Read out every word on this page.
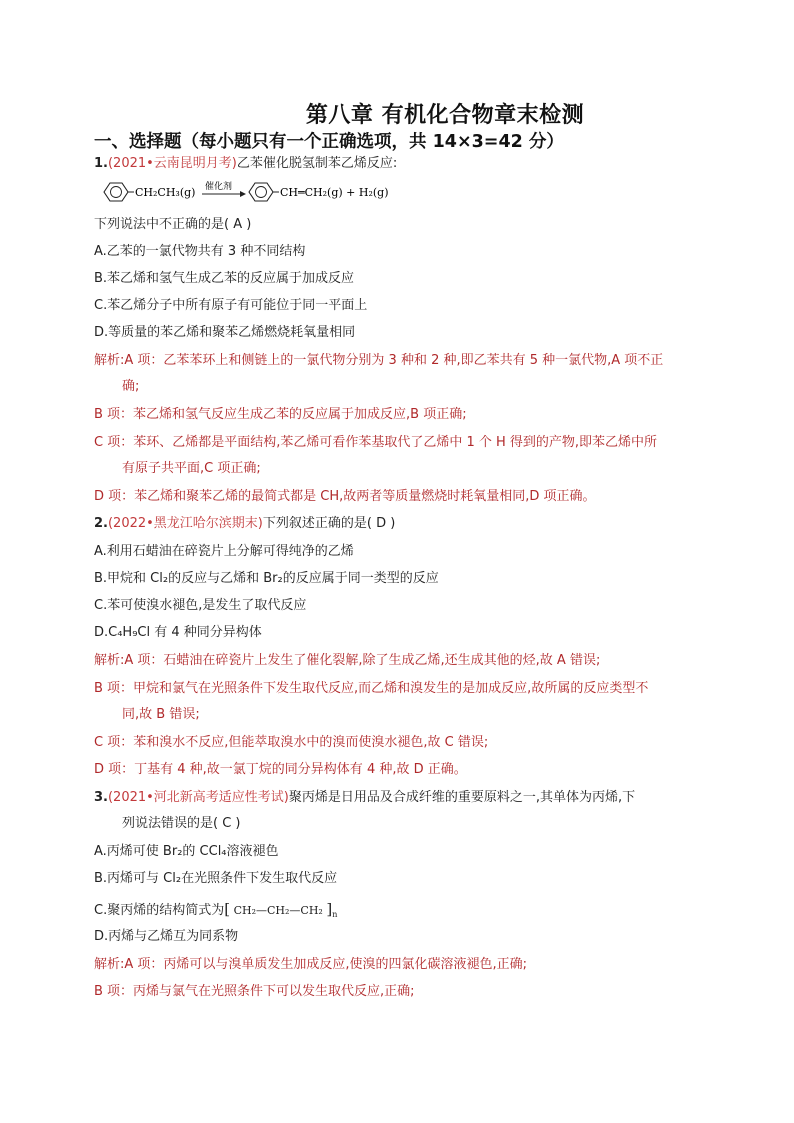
第八章 有机化合物章末检测
一、选择题（每小题只有一个正确选项，共 14×3=42 分）
1.(2021•云南昆明月考)乙苯催化脱氢制苯乙烯反应:
CH₂CH₃(g) 催化剂	CH═CH₂(g) + H₂(g)
下列说法中不正确的是( A )
A.乙苯的一氯代物共有 3 种不同结构
B.苯乙烯和氢气生成乙苯的反应属于加成反应
C.苯乙烯分子中所有原子有可能位于同一平面上
D.等质量的苯乙烯和聚苯乙烯燃烧耗氧量相同
解析:A 项：乙苯苯环上和侧链上的一氯代物分别为 3 种和 2 种,即乙苯共有 5 种一氯代物,A 项不正
确;
B 项：苯乙烯和氢气反应生成乙苯的反应属于加成反应,B 项正确;
C 项：苯环、乙烯都是平面结构,苯乙烯可看作苯基取代了乙烯中 1 个 H 得到的产物,即苯乙烯中所
有原子共平面,C 项正确;
D 项：苯乙烯和聚苯乙烯的最简式都是 CH,故两者等质量燃烧时耗氧量相同,D 项正确。
2.(2022•黑龙江哈尔滨期末)下列叙述正确的是( D )
A.利用石蜡油在碎瓷片上分解可得纯净的乙烯
B.甲烷和 Cl₂的反应与乙烯和 Br₂的反应属于同一类型的反应
C.苯可使溴水褪色,是发生了取代反应
D.C₄H₉Cl 有 4 种同分异构体
解析:A 项：石蜡油在碎瓷片上发生了催化裂解,除了生成乙烯,还生成其他的烃,故 A 错误;
B 项：甲烷和氯气在光照条件下发生取代反应,而乙烯和溴发生的是加成反应,故所属的反应类型不
同,故 B 错误;
C 项：苯和溴水不反应,但能萃取溴水中的溴而使溴水褪色,故 C 错误;
D 项：丁基有 4 种,故一氯丁烷的同分异构体有 4 种,故 D 正确。
3.(2021•河北新高考适应性考试)聚丙烯是日用品及合成纤维的重要原料之一,其单体为丙烯,下
列说法错误的是( C )
A.丙烯可使 Br₂的 CCl₄溶液褪色
B.丙烯可与 Cl₂在光照条件下发生取代反应
C.聚丙烯的结构简式为[ CH₂—CH₂—CH₂ ]$_n$
D.丙烯与乙烯互为同系物
解析:A 项：丙烯可以与溴单质发生加成反应,使溴的四氯化碳溶液褪色,正确;
B 项：丙烯与氯气在光照条件下可以发生取代反应,正确;
